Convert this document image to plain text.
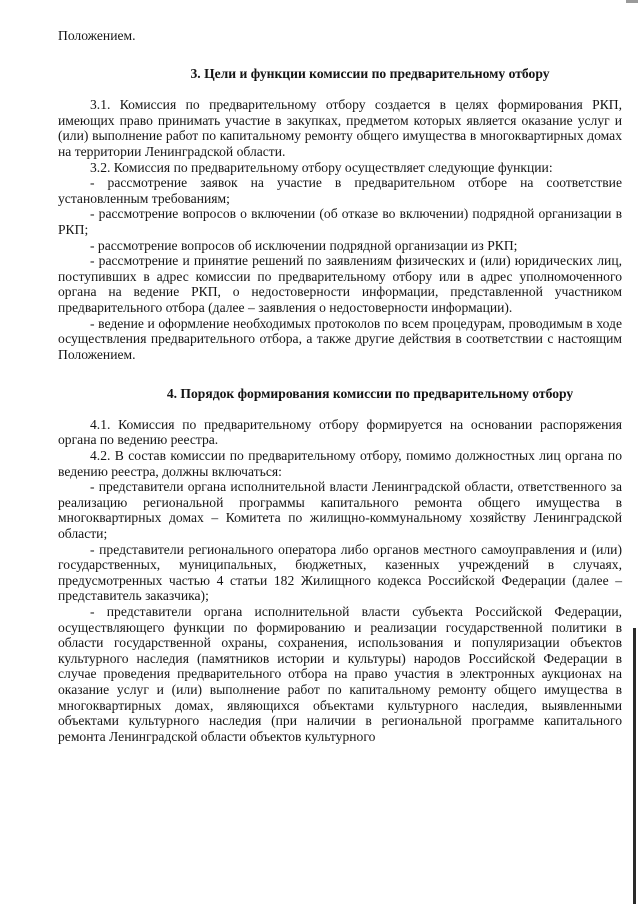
Положением.

3. Цели и функции комиссии по предварительному отбору

3.1. Комиссия по предварительному отбору создается в целях формирования РКП, имеющих право принимать участие в закупках, предметом которых является оказание услуг и (или) выполнение работ по капитальному ремонту общего имущества в многоквартирных домах на территории Ленинградской области.

3.2. Комиссия по предварительному отбору осуществляет следующие функции:

- рассмотрение заявок на участие в предварительном отборе на соответствие установленным требованиям;

- рассмотрение вопросов о включении (об отказе во включении) подрядной организации в РКП;

- рассмотрение вопросов об исключении подрядной организации из РКП;

- рассмотрение и принятие решений по заявлениям физических и (или) юридических лиц, поступивших в адрес комиссии по предварительному отбору или в адрес уполномоченного органа на ведение РКП, о недостоверности информации, представленной участником предварительного отбора (далее – заявления о недостоверности информации).

- ведение и оформление необходимых протоколов по всем процедурам, проводимым в ходе осуществления предварительного отбора, а также другие действия в соответствии с настоящим Положением.

4. Порядок формирования комиссии по предварительному отбору

4.1. Комиссия по предварительному отбору формируется на основании распоряжения органа по ведению реестра.

4.2. В состав комиссии по предварительному отбору, помимо должностных лиц органа по ведению реестра, должны включаться:

- представители органа исполнительной власти Ленинградской области, ответственного за реализацию региональной программы капитального ремонта общего имущества в многоквартирных домах – Комитета по жилищно-коммунальному хозяйству Ленинградской области;

- представители регионального оператора либо органов местного самоуправления и (или) государственных, муниципальных, бюджетных, казенных учреждений в случаях, предусмотренных частью 4 статьи 182 Жилищного кодекса Российской Федерации (далее – представитель заказчика);

- представители органа исполнительной власти субъекта Российской Федерации, осуществляющего функции по формированию и реализации государственной политики в области государственной охраны, сохранения, использования и популяризации объектов культурного наследия (памятников истории и культуры) народов Российской Федерации в случае проведения предварительного отбора на право участия в электронных аукционах на оказание услуг и (или) выполнение работ по капитальному ремонту общего имущества в многоквартирных домах, являющихся объектами культурного наследия, выявленными объектами культурного наследия (при наличии в региональной программе капитального ремонта Ленинградской области объектов культурного
